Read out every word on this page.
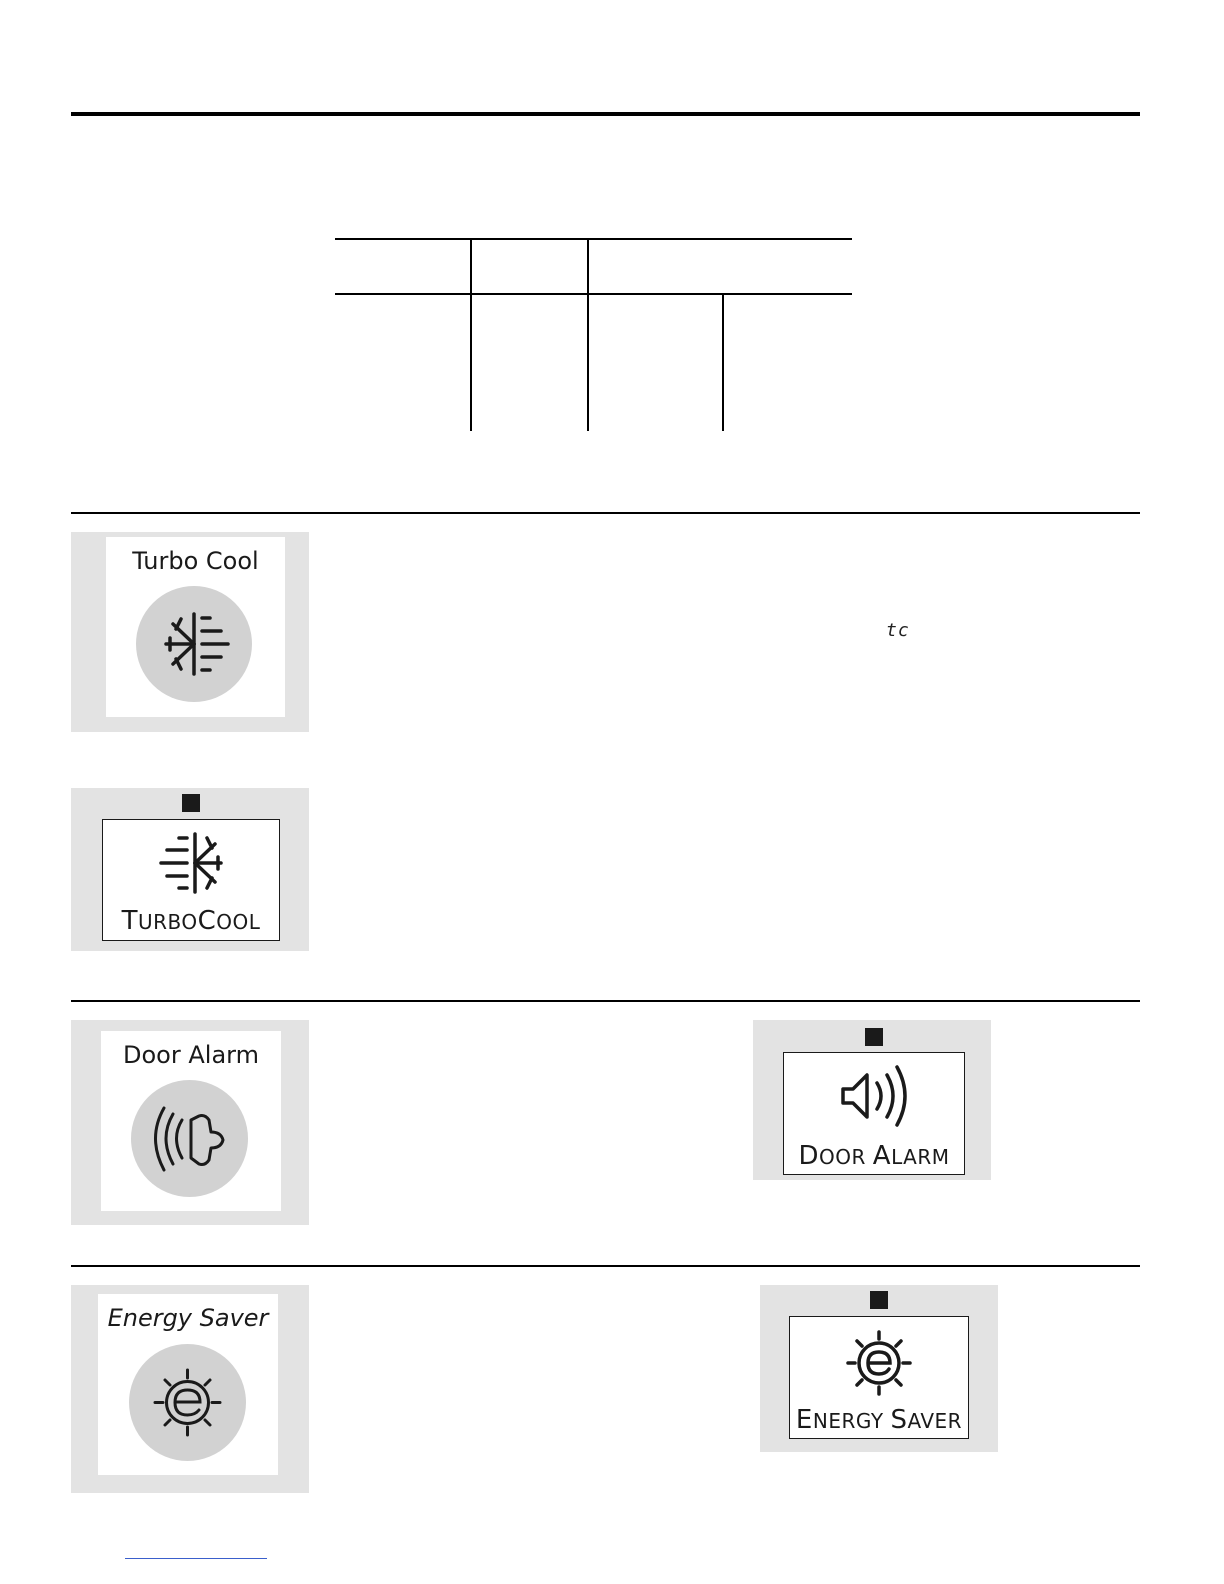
Turbo Cool
tc
TURBOCOOL
Door Alarm
DOOR ALARM
Energy Saver
ENERGY SAVER
